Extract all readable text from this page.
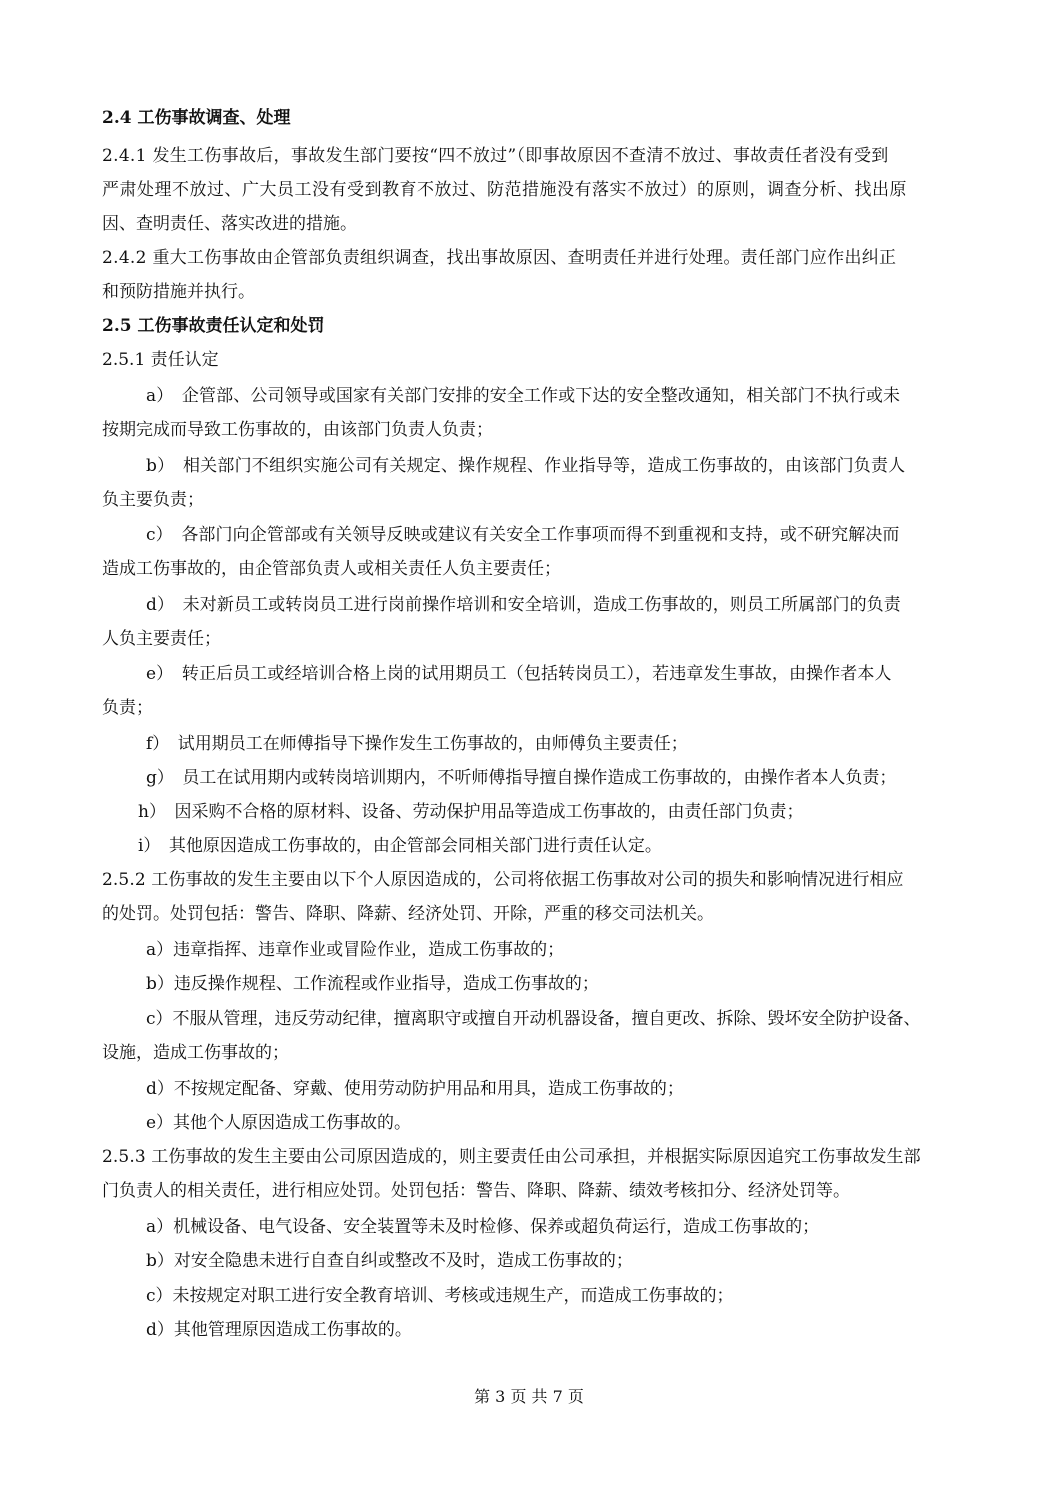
2.4 工伤事故调查、处理

2.4.1 发生工伤事故后，事故发生部门要按“四不放过”（即事故原因不查清不放过、事故责任者没有受到

严肃处理不放过、广大员工没有受到教育不放过、防范措施没有落实不放过）的原则，调查分析、找出原

因、查明责任、落实改进的措施。

2.4.2 重大工伤事故由企管部负责组织调查，找出事故原因、查明责任并进行处理。责任部门应作出纠正

和预防措施并执行。

2.5 工伤事故责任认定和处罚

2.5.1 责任认定

a）　企管部、公司领导或国家有关部门安排的安全工作或下达的安全整改通知，相关部门不执行或未

按期完成而导致工伤事故的，由该部门负责人负责；

b）　相关部门不组织实施公司有关规定、操作规程、作业指导等，造成工伤事故的，由该部门负责人

负主要负责；

c）　各部门向企管部或有关领导反映或建议有关安全工作事项而得不到重视和支持，或不研究解决而

造成工伤事故的，由企管部负责人或相关责任人负主要责任；

d）　未对新员工或转岗员工进行岗前操作培训和安全培训，造成工伤事故的，则员工所属部门的负责

人负主要责任；

e）　转正后员工或经培训合格上岗的试用期员工（包括转岗员工），若违章发生事故，由操作者本人

负责；

f）　试用期员工在师傅指导下操作发生工伤事故的，由师傅负主要责任；

g）　员工在试用期内或转岗培训期内，不听师傅指导擅自操作造成工伤事故的，由操作者本人负责；

h）　因采购不合格的原材料、设备、劳动保护用品等造成工伤事故的，由责任部门负责；

i）　其他原因造成工伤事故的，由企管部会同相关部门进行责任认定。

2.5.2 工伤事故的发生主要由以下个人原因造成的，公司将依据工伤事故对公司的损失和影响情况进行相应

的处罚。处罚包括：警告、降职、降薪、经济处罚、开除，严重的移交司法机关。

a）违章指挥、违章作业或冒险作业，造成工伤事故的；

b）违反操作规程、工作流程或作业指导，造成工伤事故的；

c）不服从管理，违反劳动纪律，擅离职守或擅自开动机器设备，擅自更改、拆除、毁坏安全防护设备、

设施，造成工伤事故的；

d）不按规定配备、穿戴、使用劳动防护用品和用具，造成工伤事故的；

e）其他个人原因造成工伤事故的。

2.5.3 工伤事故的发生主要由公司原因造成的，则主要责任由公司承担，并根据实际原因追究工伤事故发生部

门负责人的相关责任，进行相应处罚。处罚包括：警告、降职、降薪、绩效考核扣分、经济处罚等。

a）机械设备、电气设备、安全装置等未及时检修、保养或超负荷运行，造成工伤事故的；

b）对安全隐患未进行自查自纠或整改不及时，造成工伤事故的；

c）未按规定对职工进行安全教育培训、考核或违规生产，而造成工伤事故的；

d）其他管理原因造成工伤事故的。

第 3 页 共 7 页
